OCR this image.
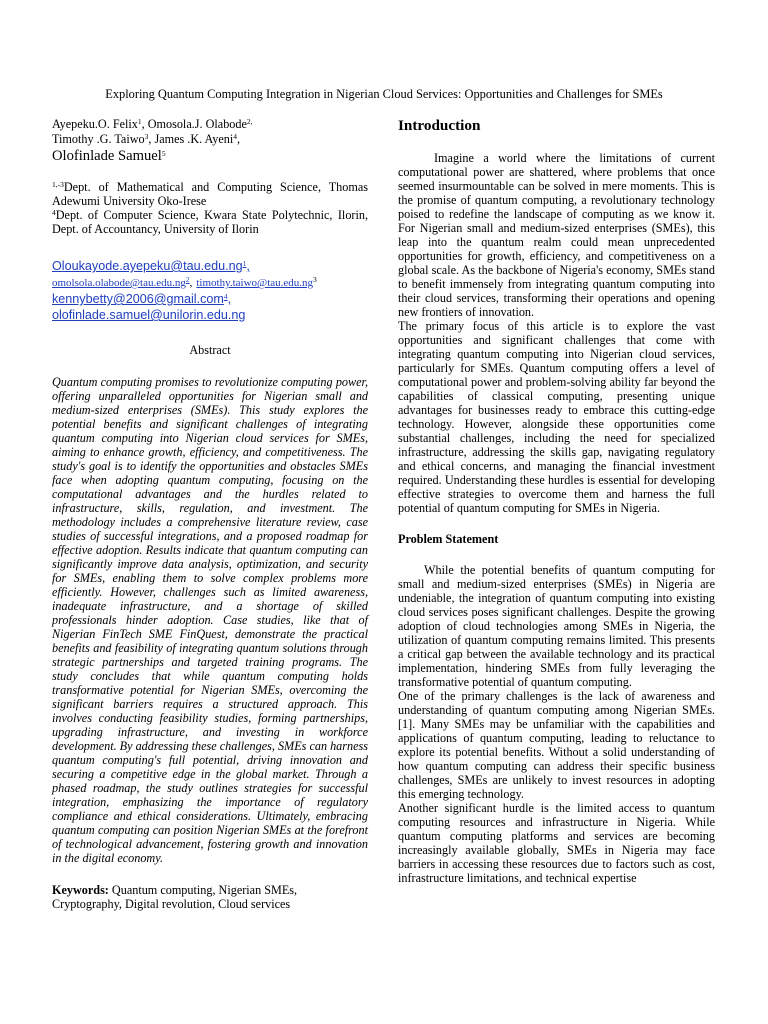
Exploring Quantum Computing Integration in Nigerian Cloud Services: Opportunities and Challenges for SMEs
Ayepeku.O. Felix$^1$, Omosola.J. Olabode$^{2,}$
Timothy .G. Taiwo$^3$, James .K. Ayeni$^4$,
Olofinlade Samuel$^5$
$^{1,-3}$Dept. of Mathematical and Computing Science, Thomas Adewumi University Oko-Irese
$^4$Dept. of Computer Science, Kwara State Polytechnic, Ilorin, Dept. of Accountancy, University of Ilorin
$Oloukayode.ayepeku@tau.edu.ng^1$,
$omolsola.olabode@tau.edu.ng^2$, $timothy.taiwo@tau.edu.ng^3$
kennybetty@2006@gmail.com$^4$,
olofinlade.samuel@unilorin.edu.ng
Abstract
Quantum computing promises to revolutionize computing power, offering unparalleled opportunities for Nigerian small and medium-sized enterprises (SMEs). This study explores the potential benefits and significant challenges of integrating quantum computing into Nigerian cloud services for SMEs, aiming to enhance growth, efficiency, and competitiveness. The study's goal is to identify the opportunities and obstacles SMEs face when adopting quantum computing, focusing on the computational advantages and the hurdles related to infrastructure, skills, regulation, and investment. The methodology includes a comprehensive literature review, case studies of successful integrations, and a proposed roadmap for effective adoption. Results indicate that quantum computing can significantly improve data analysis, optimization, and security for SMEs, enabling them to solve complex problems more efficiently. However, challenges such as limited awareness, inadequate infrastructure, and a shortage of skilled professionals hinder adoption. Case studies, like that of Nigerian FinTech SME FinQuest, demonstrate the practical benefits and feasibility of integrating quantum solutions through strategic partnerships and targeted training programs. The study concludes that while quantum computing holds transformative potential for Nigerian SMEs, overcoming the significant barriers requires a structured approach. This involves conducting feasibility studies, forming partnerships, upgrading infrastructure, and investing in workforce development. By addressing these challenges, SMEs can harness quantum computing's full potential, driving innovation and securing a competitive edge in the global market. Through a phased roadmap, the study outlines strategies for successful integration, emphasizing the importance of regulatory compliance and ethical considerations. Ultimately, embracing quantum computing can position Nigerian SMEs at the forefront of technological advancement, fostering growth and innovation in the digital economy.
Keywords: Quantum computing, Nigerian SMEs, Cryptography, Digital revolution, Cloud services
Introduction

Imagine a world where the limitations of current computational power are shattered, where problems that once seemed insurmountable can be solved in mere moments. This is the promise of quantum computing, a revolutionary technology poised to redefine the landscape of computing as we know it. For Nigerian small and medium-sized enterprises (SMEs), this leap into the quantum realm could mean unprecedented opportunities for growth, efficiency, and competitiveness on a global scale. As the backbone of Nigeria's economy, SMEs stand to benefit immensely from integrating quantum computing into their cloud services, transforming their operations and opening new frontiers of innovation.

The primary focus of this article is to explore the vast opportunities and significant challenges that come with integrating quantum computing into Nigerian cloud services, particularly for SMEs. Quantum computing offers a level of computational power and problem-solving ability far beyond the capabilities of classical computing, presenting unique advantages for businesses ready to embrace this cutting-edge technology. However, alongside these opportunities come substantial challenges, including the need for specialized infrastructure, addressing the skills gap, navigating regulatory and ethical concerns, and managing the financial investment required. Understanding these hurdles is essential for developing effective strategies to overcome them and harness the full potential of quantum computing for SMEs in Nigeria.

Problem Statement

While the potential benefits of quantum computing for small and medium-sized enterprises (SMEs) in Nigeria are undeniable, the integration of quantum computing into existing cloud services poses significant challenges. Despite the growing adoption of cloud technologies among SMEs in Nigeria, the utilization of quantum computing remains limited. This presents a critical gap between the available technology and its practical implementation, hindering SMEs from fully leveraging the transformative potential of quantum computing.

One of the primary challenges is the lack of awareness and understanding of quantum computing among Nigerian SMEs. [1]. Many SMEs may be unfamiliar with the capabilities and applications of quantum computing, leading to reluctance to explore its potential benefits. Without a solid understanding of how quantum computing can address their specific business challenges, SMEs are unlikely to invest resources in adopting this emerging technology.

Another significant hurdle is the limited access to quantum computing resources and infrastructure in Nigeria. While quantum computing platforms and services are becoming increasingly available globally, SMEs in Nigeria may face barriers in accessing these resources due to factors such as cost, infrastructure limitations, and technical expertise
